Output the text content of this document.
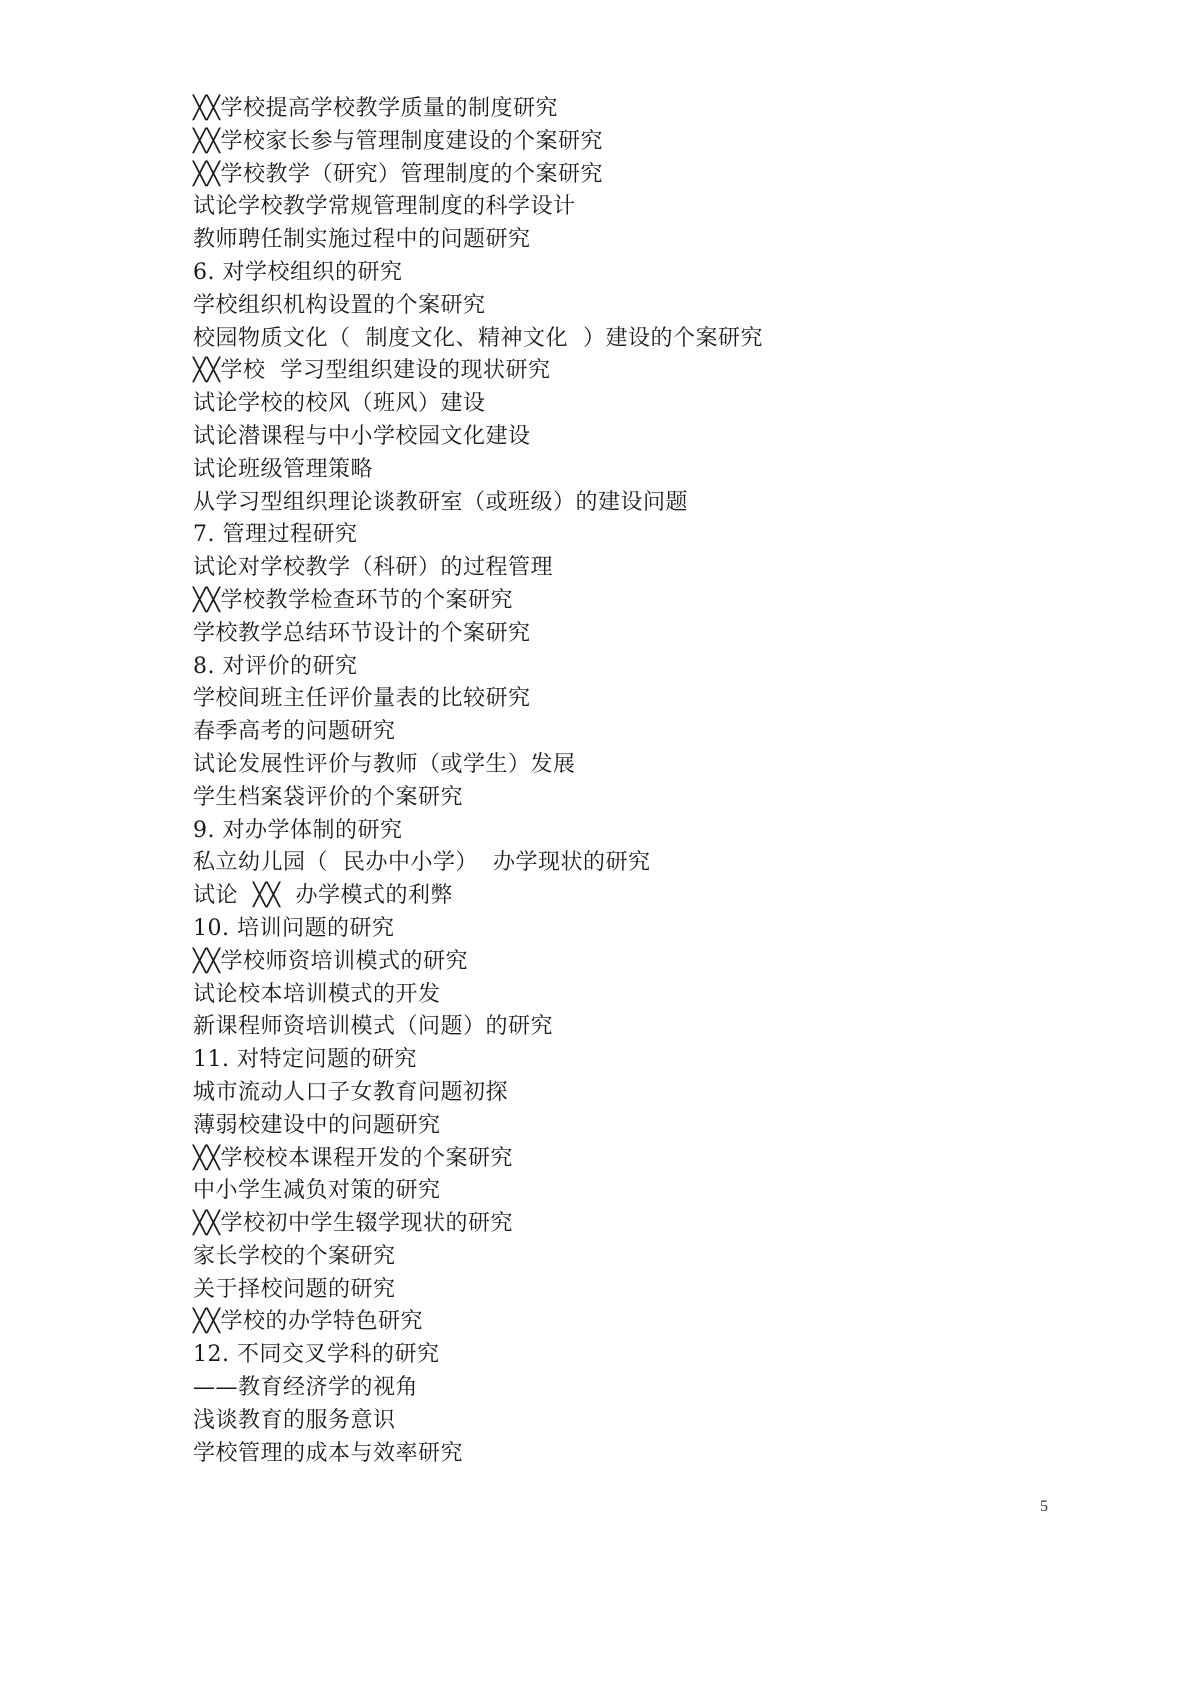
╳╳学校提高学校教学质量的制度研究
╳╳学校家长参与管理制度建设的个案研究
╳╳学校教学（研究）管理制度的个案研究
试论学校教学常规管理制度的科学设计
教师聘任制实施过程中的问题研究
6. 对学校组织的研究
学校组织机构设置的个案研究
校园物质文化（  制度文化、精神文化  ）建设的个案研究
╳╳学校  学习型组织建设的现状研究
试论学校的校风（班风）建设
试论潜课程与中小学校园文化建设
试论班级管理策略
从学习型组织理论谈教研室（或班级）的建设问题
7. 管理过程研究
试论对学校教学（科研）的过程管理
╳╳学校教学检查环节的个案研究
学校教学总结环节设计的个案研究
8. 对评价的研究
学校间班主任评价量表的比较研究
春季高考的问题研究
试论发展性评价与教师（或学生）发展
学生档案袋评价的个案研究
9. 对办学体制的研究
私立幼儿园（  民办中小学）  办学现状的研究
试论  ╳╳  办学模式的利弊
10. 培训问题的研究
╳╳学校师资培训模式的研究
试论校本培训模式的开发
新课程师资培训模式（问题）的研究
11. 对特定问题的研究
城市流动人口子女教育问题初探
薄弱校建设中的问题研究
╳╳学校校本课程开发的个案研究
中小学生减负对策的研究
╳╳学校初中学生辍学现状的研究
家长学校的个案研究
关于择校问题的研究
╳╳学校的办学特色研究
12. 不同交叉学科的研究
——教育经济学的视角
浅谈教育的服务意识
学校管理的成本与效率研究
5
